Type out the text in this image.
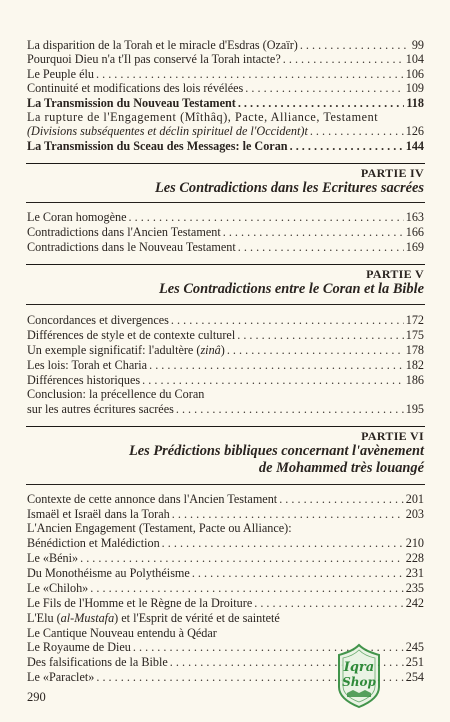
La disparition de la Torah et le miracle d'Esdras (Ozaïr) . . .	99
Pourquoi Dieu n'a t'Il pas conservé la Torah intacte? . . .	104
Le Peuple élu . . .	106
Continuité et modifications des lois révélées . . .	109
La Transmission du Nouveau Testament . . .	118
La rupture de l'Engagement (Mîthâq), Pacte, Alliance, Testament
(Divisions subséquentes et déclin spirituel de l'Occident)t . . .	126
La Transmission du Sceau des Messages: le Coran . . .	144
PARTIE IV
Les Contradictions dans les Ecritures sacrées
Le Coran homogène . . .	163
Contradictions dans l'Ancien Testament . . .	166
Contradictions dans le Nouveau Testament . . .	169
PARTIE V
Les Contradictions entre le Coran et la Bible
Concordances et divergences . . .	172
Différences de style et de contexte culturel . . .	175
Un exemple significatif: l'adultère (zinâ) . . .	178
Les lois: Torah et Charia . . .	182
Différences historiques . . .	186
Conclusion: la précellence du Coran
sur les autres écritures sacrées . . .	195
PARTIE VI
Les Prédictions bibliques concernant l'avènement
de Mohammed très louangé
Contexte de cette annonce dans l'Ancien Testament . . .	201
Ismaël et Israël dans la Torah . . .	203
L'Ancien Engagement (Testament, Pacte ou Alliance):
Bénédiction et Malédiction . . .	210
Le «Béni» . . .	228
Du Monothéisme au Polythéisme . . .	231
Le «Chiloh» . . .	235
Le Fils de l'Homme et le Règne de la Droiture . . .	242
L'Elu (al-Mustafa) et l'Esprit de vérité et de sainteté
Le Cantique Nouveau entendu à Qédar
Le Royaume de Dieu . . .	245
Des falsifications de la Bible . . .	251
Le «Paraclet» . . .	254
290
Iqra
Shop
